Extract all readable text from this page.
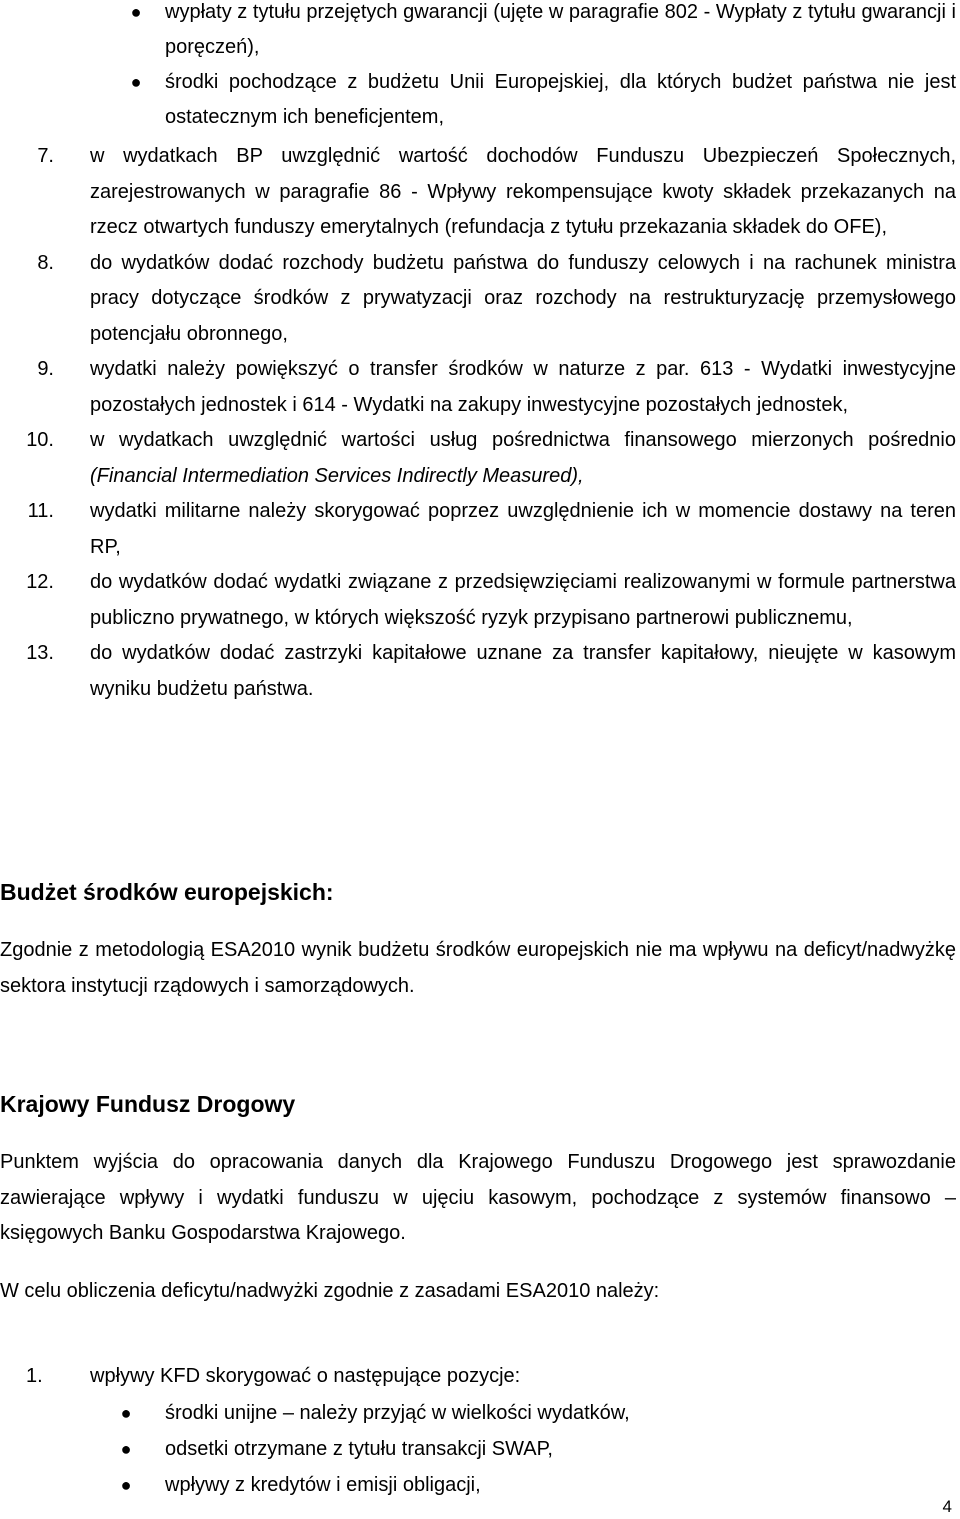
● wypłaty z tytułu przejętych gwarancji (ujęte w paragrafie 802 - Wypłaty z tytułu gwarancji i poręczeń),
● środki pochodzące z budżetu Unii Europejskiej, dla których budżet państwa nie jest ostatecznym ich beneficjentem,
7. w wydatkach BP uwzględnić wartość dochodów Funduszu Ubezpieczeń Społecznych, zarejestrowanych w paragrafie 86 - Wpływy rekompensujące kwoty składek przekazanych na rzecz otwartych funduszy emerytalnych (refundacja z tytułu przekazania składek do OFE),
8. do wydatków dodać rozchody budżetu państwa do funduszy celowych i na rachunek ministra pracy dotyczące środków z prywatyzacji oraz rozchody na restrukturyzację przemysłowego potencjału obronnego,
9. wydatki należy powiększyć o transfer środków w naturze z par. 613 - Wydatki inwestycyjne pozostałych jednostek i 614 - Wydatki na zakupy inwestycyjne pozostałych jednostek,
10. w wydatkach uwzględnić wartości usług pośrednictwa finansowego mierzonych pośrednio (Financial Intermediation Services Indirectly Measured),
11. wydatki militarne należy skorygować poprzez uwzględnienie ich w momencie dostawy na teren RP,
12. do wydatków dodać wydatki związane z przedsięwzięciami realizowanymi w formule partnerstwa publiczno prywatnego, w których większość ryzyk przypisano partnerowi publicznemu,
13. do wydatków dodać zastrzyki kapitałowe uznane za transfer kapitałowy, nieujęte w kasowym wyniku budżetu państwa.
Budżet środków europejskich:
Zgodnie z metodologią ESA2010 wynik budżetu środków europejskich nie ma wpływu na deficyt/nadwyżkę sektora instytucji rządowych i samorządowych.
Krajowy Fundusz Drogowy
Punktem wyjścia do opracowania danych dla Krajowego Funduszu Drogowego jest sprawozdanie zawierające wpływy i wydatki funduszu w ujęciu kasowym, pochodzące z systemów finansowo – księgowych Banku Gospodarstwa Krajowego.
W celu obliczenia deficytu/nadwyżki zgodnie z zasadami ESA2010 należy:
1.	wpływy KFD skorygować o następujące pozycje:
● środki unijne – należy przyjąć w wielkości wydatków,
● odsetki otrzymane z tytułu transakcji SWAP,
● wpływy z kredytów i emisji obligacji,
4
